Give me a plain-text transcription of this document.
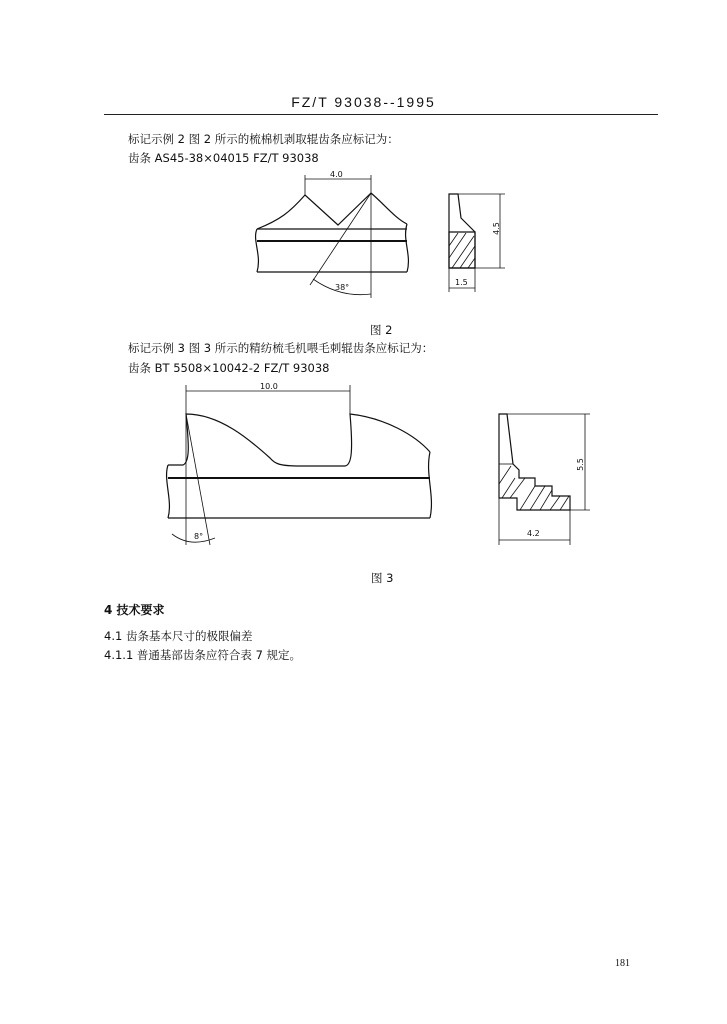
FZ/T 93038--1995
标记示例 2 图 2 所示的梳棉机剥取辊齿条应标记为：
齿条 AS45-38×04015 FZ/T 93038
4.0
38°
4.5
1.5
图 2
标记示例 3 图 3 所示的精纺梳毛机喂毛刺辊齿条应标记为：
齿条 BT 5508×10042-2 FZ/T 93038
10.0
8°
5.5
4.2
图 3
4 技术要求
4.1 齿条基本尺寸的极限偏差
4.1.1 普通基部齿条应符合表 7 规定。
181
